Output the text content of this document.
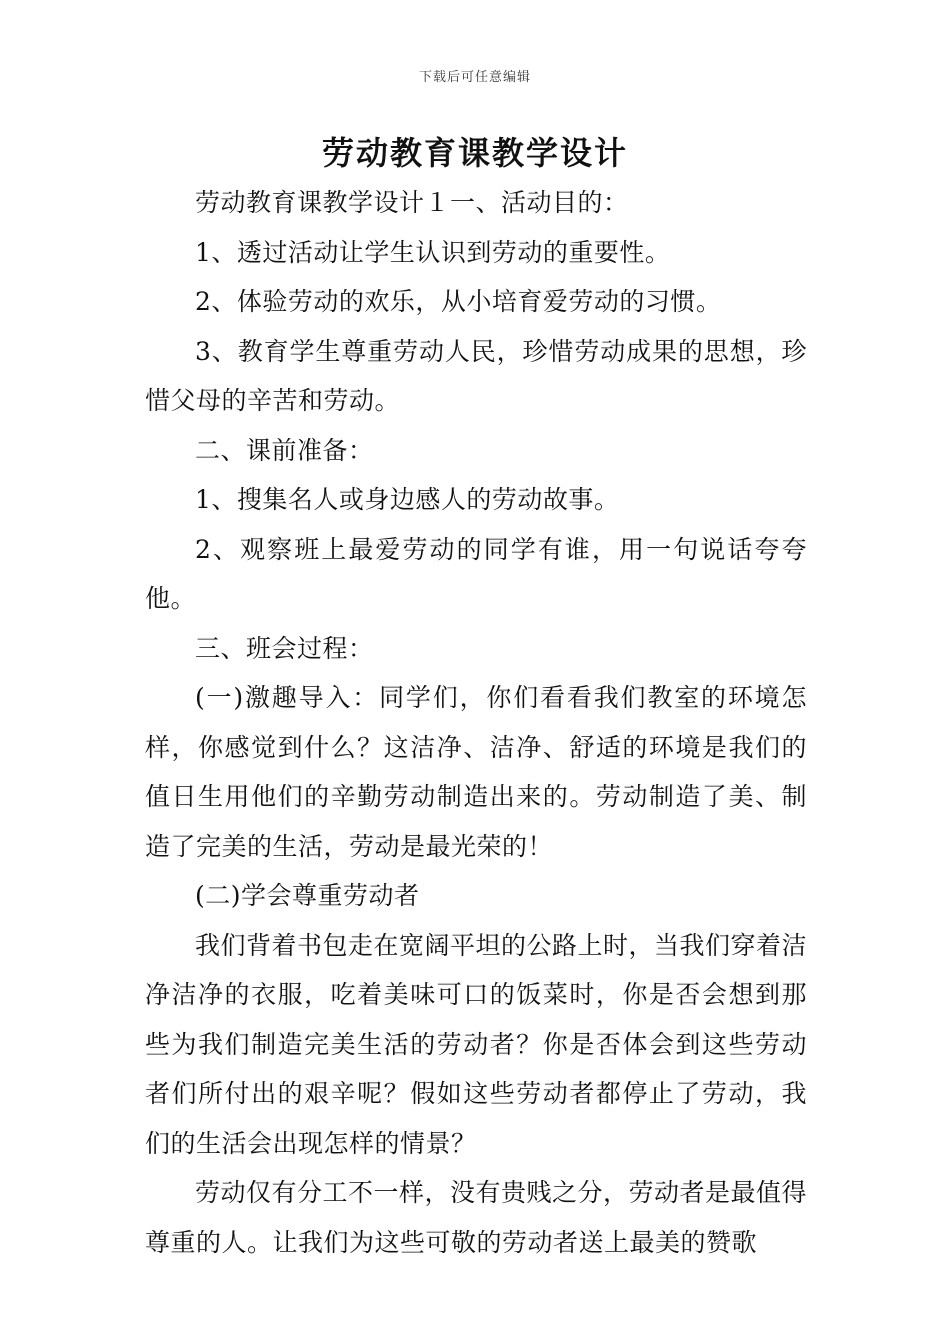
下载后可任意编辑
劳动教育课教学设计

劳动教育课教学设计１一、活动目的：

1、透过活动让学生认识到劳动的重要性。

2、体验劳动的欢乐，从小培育爱劳动的习惯。

3、教育学生尊重劳动人民，珍惜劳动成果的思想，珍惜父母的辛苦和劳动。

二、课前准备：

1、搜集名人或身边感人的劳动故事。

2、观察班上最爱劳动的同学有谁，用一句说话夸夸他。

三、班会过程：

(一)激趣导入：同学们，你们看看我们教室的环境怎样，你感觉到什么？这洁净、洁净、舒适的环境是我们的值日生用他们的辛勤劳动制造出来的。劳动制造了美、制造了完美的生活，劳动是最光荣的！

(二)学会尊重劳动者

我们背着书包走在宽阔平坦的公路上时，当我们穿着洁净洁净的衣服，吃着美味可口的饭菜时，你是否会想到那些为我们制造完美生活的劳动者？你是否体会到这些劳动者们所付出的艰辛呢？假如这些劳动者都停止了劳动，我们的生活会出现怎样的情景？

劳动仅有分工不一样，没有贵贱之分，劳动者是最值得尊重的人。让我们为这些可敬的劳动者送上最美的赞歌
